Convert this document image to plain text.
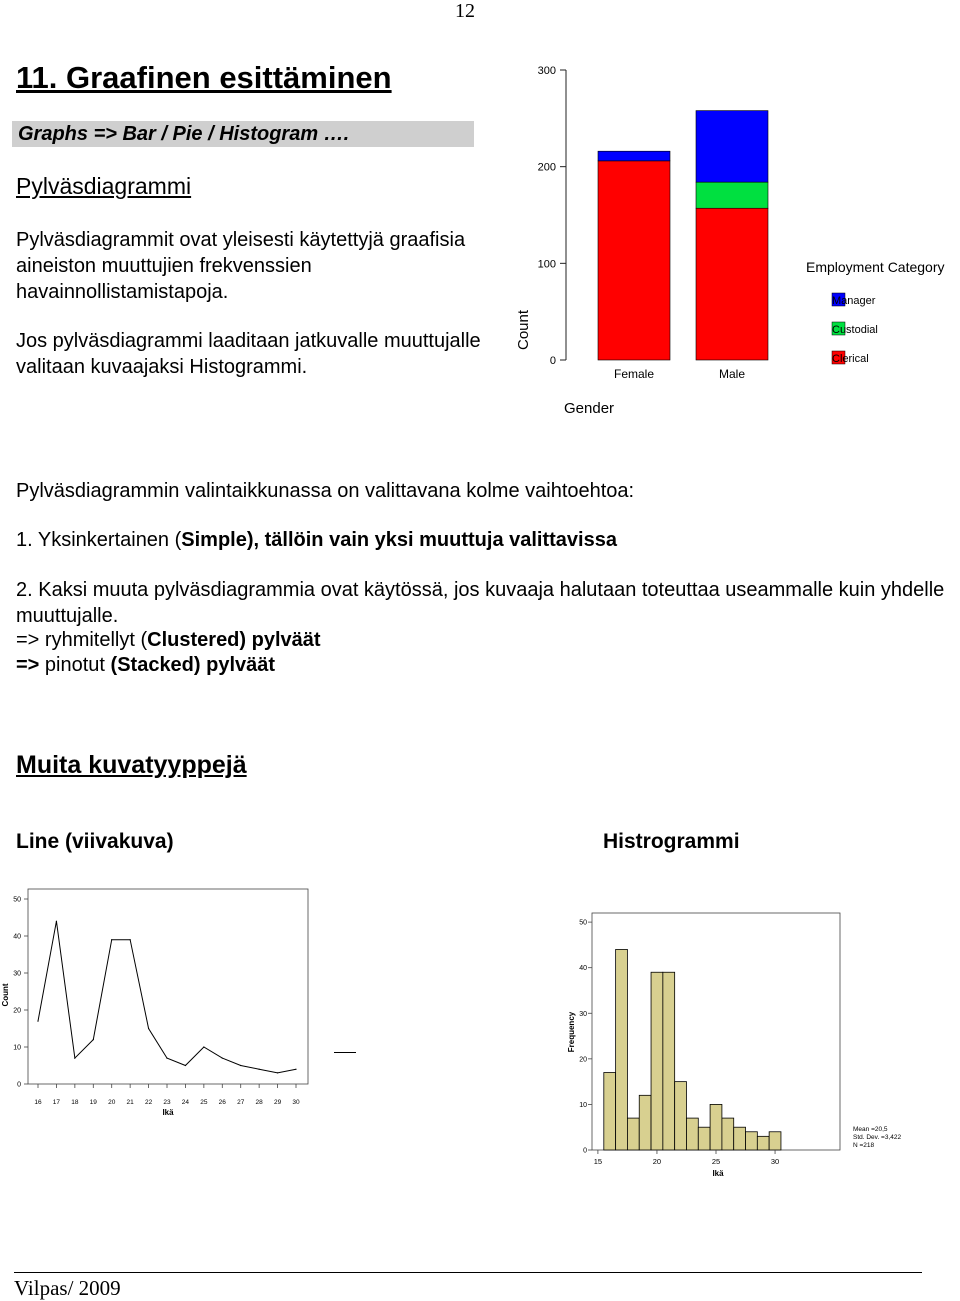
12
11. Graafinen esittäminen
Graphs => Bar / Pie / Histogram ….
Pylväsdiagrammi

Pylväsdiagrammit ovat yleisesti käytettyjä graafisia aineiston muuttujien frekvenssien havainnollistamistapoja.

Jos pylväsdiagrammi laaditaan jatkuvalle muuttujalle valitaan kuvaajaksi Histogrammi.	0
100
200
300
Female	Male
Count
Gender
Employment Category
Manager
Custodial
Clerical

Pylväsdiagrammin valintaikkunassa on valittavana kolme vaihtoehtoa:

1. Yksinkertainen (Simple), tällöin vain yksi muuttuja valittavissa

2. Kaksi muuta pylväsdiagrammia ovat käytössä, jos kuvaaja halutaan toteuttaa useammalle kuin yhdelle muuttujalle.

=> ryhmitellyt (Clustered) pylväät

=> pinotut (Stacked) pylväät

Muita kuvatyyppejä
Line (viivakuva)	Histrogrammi
0
10
20
30
40
50
16 17 18 19 20 21 22 23 24 25 26 27 28 29 30
Ikä
Count
0
10
20
30
40
50
15	20	25	30
Ikä
Frequency
Mean =20,5
Std. Dev. =3,422
N =218
Vilpas/ 2009
